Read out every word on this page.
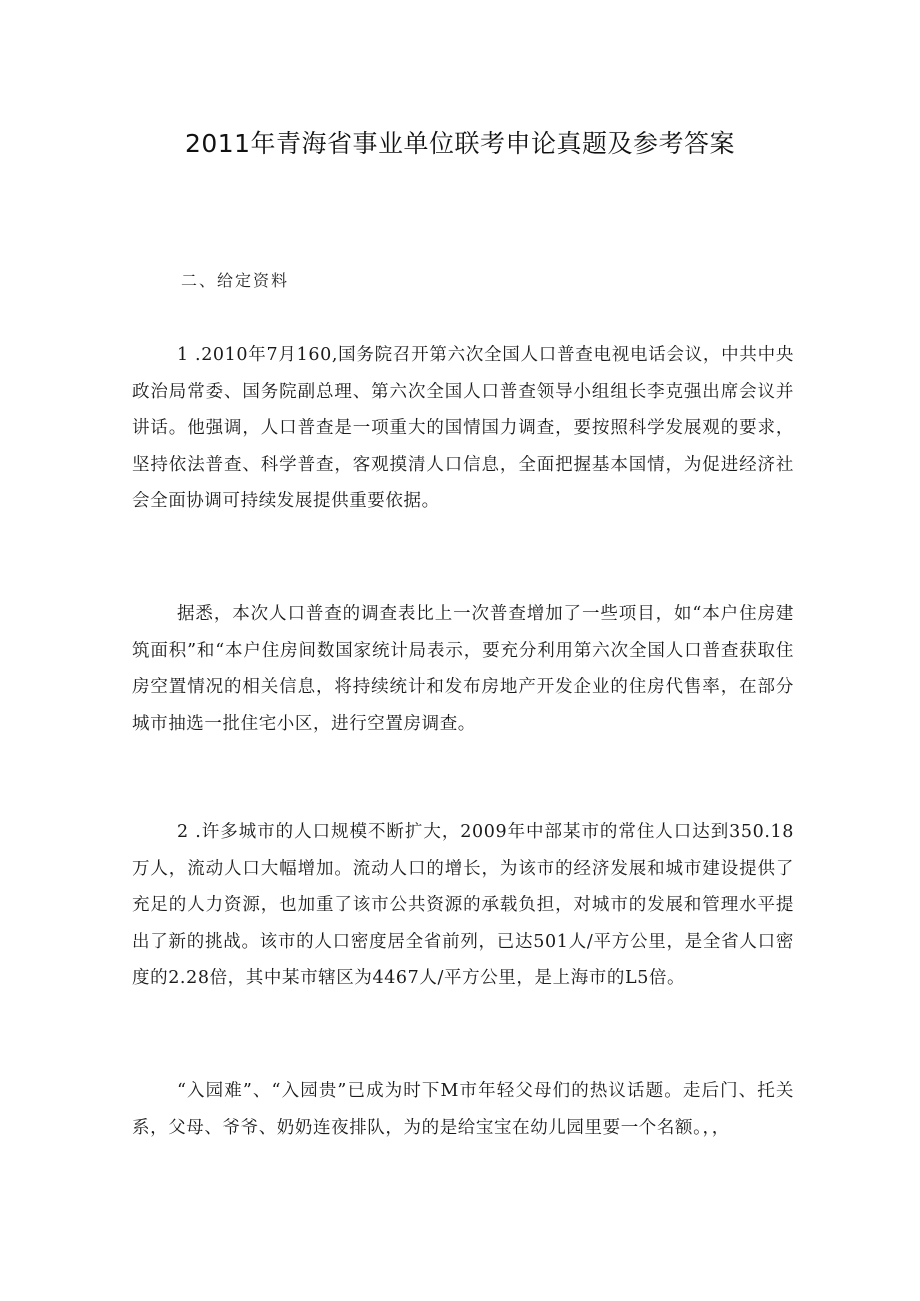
2011年青海省事业单位联考申论真题及参考答案

二、给定资料

1 .2010年7月160,国务院召开第六次全国人口普查电视电话会议，中共中央政治局常委、国务院副总理、第六次全国人口普查领导小组组长李克强出席会议并讲话。他强调，人口普查是一项重大的国情国力调查，要按照科学发展观的要求，坚持依法普查、科学普查，客观摸清人口信息，全面把握基本国情，为促进经济社会全面协调可持续发展提供重要依据。

据悉，本次人口普查的调查表比上一次普查增加了一些项目，如“本户住房建筑面积”和“本户住房间数国家统计局表示，要充分利用第六次全国人口普查获取住房空置情况的相关信息，将持续统计和发布房地产开发企业的住房代售率，在部分城市抽选一批住宅小区，进行空置房调查。

2 .许多城市的人口规模不断扩大，2009年中部某市的常住人口达到350.18万人，流动人口大幅增加。流动人口的增长，为该市的经济发展和城市建设提供了充足的人力资源，也加重了该市公共资源的承载负担，对城市的发展和管理水平提出了新的挑战。该市的人口密度居全省前列，已达501人/平方公里，是全省人口密度的2.28倍，其中某市辖区为4467人/平方公里，是上海市的L5倍。

“入园难”、“入园贵”已成为时下M市年轻父母们的热议话题。走后门、托关系，父母、爷爷、奶奶连夜排队，为的是给宝宝在幼儿园里要一个名额。，，
